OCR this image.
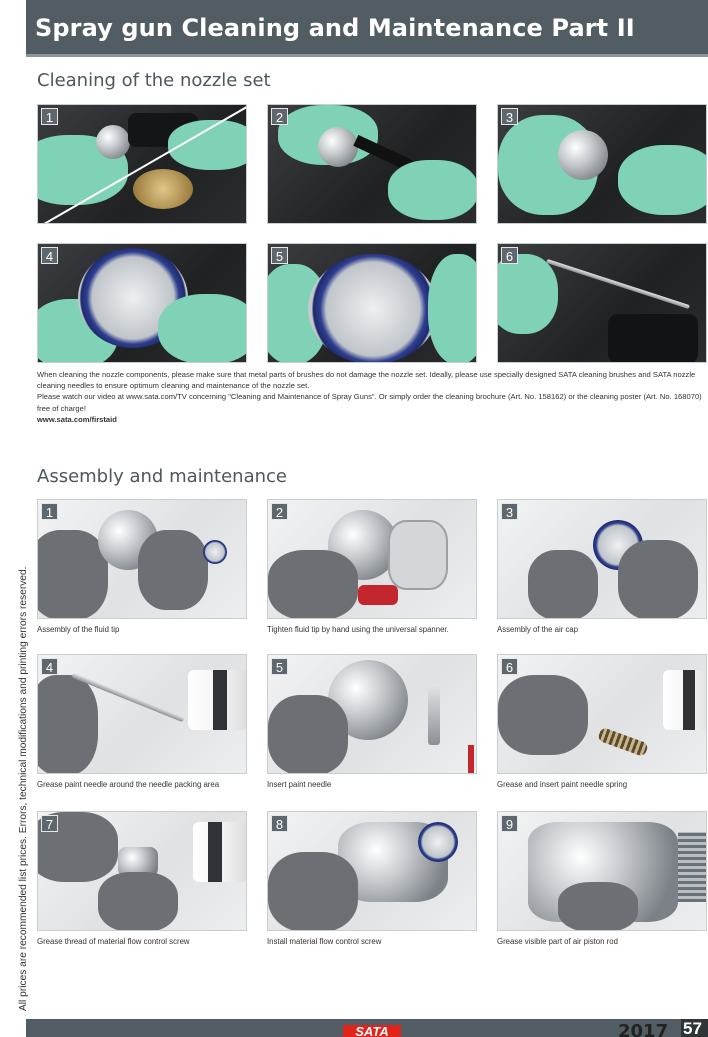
Spray gun Cleaning and Maintenance Part II
All prices are recommended list prices. Errors, technical modifications and printing errors reserved.
Cleaning of the nozzle set
1	2	3
4	5	6

When cleaning the nozzle components, please make sure that metal parts of brushes do not damage the nozzle set. Ideally, please use specially designed SATA cleaning brushes and SATA nozzle cleaning needles to ensure optimum cleaning and maintenance of the nozzle set.

Please watch our video at www.sata.com/TV concerning "Cleaning and Maintenance of Spray Guns". Or simply order the cleaning brochure (Art. No. 158162) or the cleaning poster (Art. No. 168070) free of charge!

www.sata.com/firstaid

Assembly and maintenance
1
Assembly of the fluid tip
2
Tighten fluid tip by hand using the universal spanner.
3
Assembly of the air cap
4
Grease paint needle around the needle packing area
5
Insert paint needle
6
Grease and insert paint needle spring
7
Grease thread of material flow control screw
8
Install material flow control screw
9
Grease visible part of air piston rod
SATA	2017 57
